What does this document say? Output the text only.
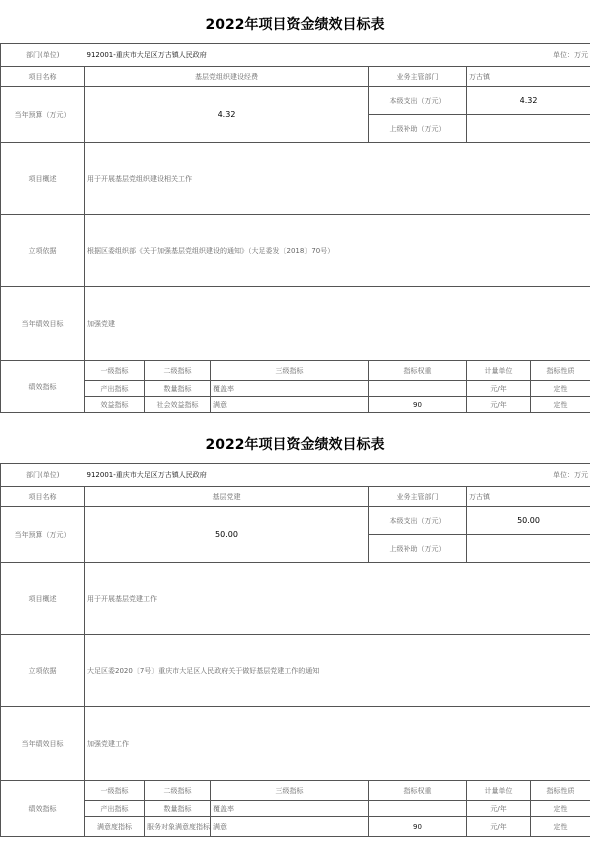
2022年项目资金绩效目标表
部门(单位)	912001-重庆市大足区万古镇人民政府					单位：万元
项目名称	基层党组织建设经费			业务主管部门	万古镇	
当年预算（万元）	4.32			本级支出（万元）	4.32	
				上级补助（万元）		
项目概述	用于开展基层党组织建设相关工作					
立项依据	根据区委组织部《关于加强基层党组织建设的通知》（大足委发〔2018〕70号）					
当年绩效目标	加强党建					
绩效指标	一级指标	二级指标	三级指标	指标权重	计量单位	指标性质
	产出指标	数量指标	覆盖率		元/年	定性
	效益指标	社会效益指标	满意	90	元/年	定性
2022年项目资金绩效目标表
部门(单位)	912001-重庆市大足区万古镇人民政府					单位：万元
项目名称	基层党建			业务主管部门	万古镇	
当年预算（万元）	50.00			本级支出（万元）	50.00	
				上级补助（万元）		
项目概述	用于开展基层党建工作					
立项依据	大足区委2020〔7号〕重庆市大足区人民政府关于做好基层党建工作的通知					
当年绩效目标	加强党建工作					
绩效指标	一级指标	二级指标	三级指标	指标权重	计量单位	指标性质
	产出指标	数量指标	覆盖率		元/年	定性
	满意度指标	服务对象满意度指标	满意	90	元/年	定性
